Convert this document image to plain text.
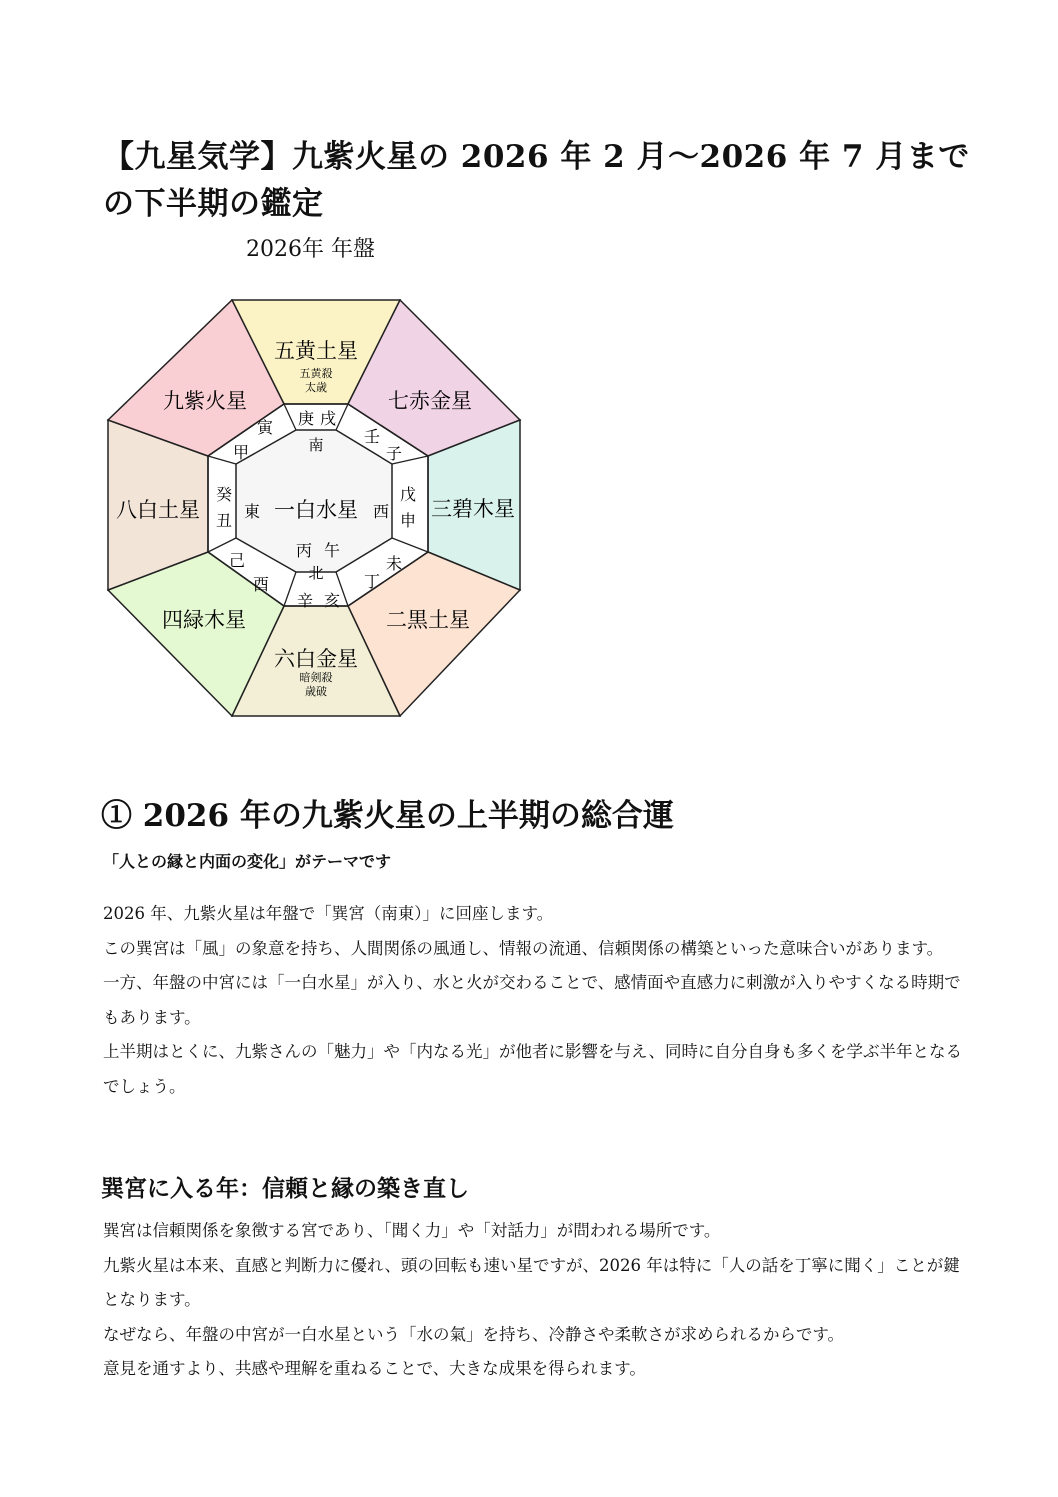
【九星気学】九紫火星の 2026 年 2 月～2026 年 7 月までの下半期の鑑定
2026年 年盤
五黄土星
五黄殺
太歳
七赤金星
三碧木星
二黒土星
六白金星
暗剣殺
歳破
四緑木星
八白土星
九紫火星
庚 戌
壬
子
戊
申
未
丁
辛 亥
己
酉
癸
丑
寅
甲	南
東 一白水星 西
丙 午
北
① 2026 年の九紫火星の上半期の総合運
「人との縁と内面の変化」がテーマです

2026 年、九紫火星は年盤で「巽宮（南東）」に回座します。

この巽宮は「風」の象意を持ち、人間関係の風通し、情報の流通、信頼関係の構築といった意味合いがあります。

一方、年盤の中宮には「一白水星」が入り、水と火が交わることで、感情面や直感力に刺激が入りやすくなる時期でもあります。

上半期はとくに、九紫さんの「魅力」や「内なる光」が他者に影響を与え、同時に自分自身も多くを学ぶ半年となるでしょう。

巽宮に入る年：信頼と縁の築き直し

巽宮は信頼関係を象徴する宮であり、「聞く力」や「対話力」が問われる場所です。

九紫火星は本来、直感と判断力に優れ、頭の回転も速い星ですが、2026 年は特に「人の話を丁寧に聞く」ことが鍵となります。

なぜなら、年盤の中宮が一白水星という「水の氣」を持ち、冷静さや柔軟さが求められるからです。

意見を通すより、共感や理解を重ねることで、大きな成果を得られます。
